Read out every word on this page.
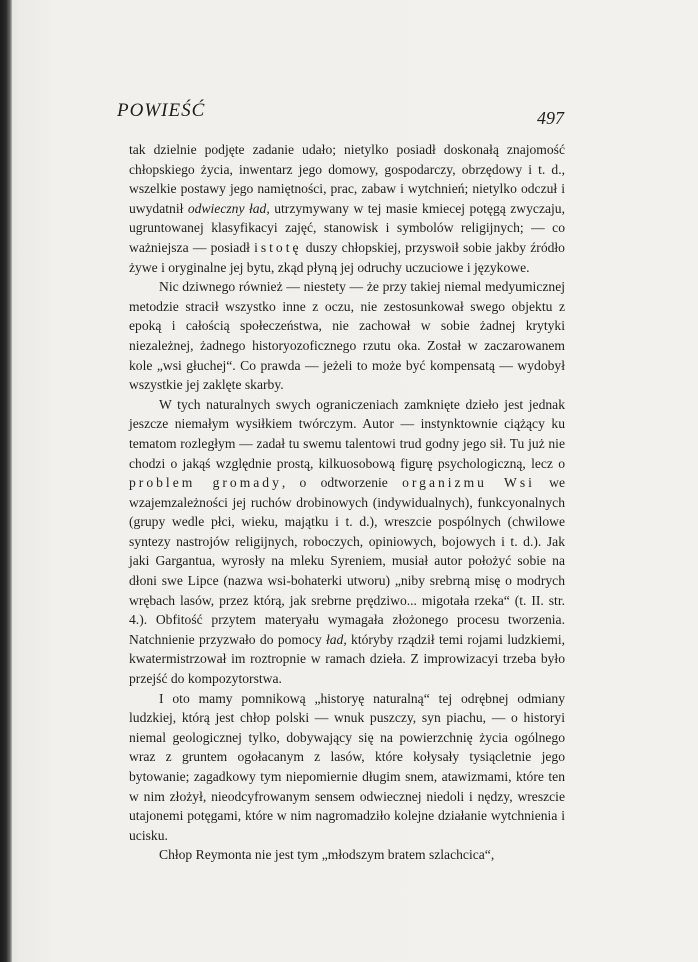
POWIEŚĆ	497

tak dzielnie podjęte zadanie udało; nietylko posiadł doskonałą znajomość chłopskiego życia, inwentarz jego domowy, gospodarczy, obrzędowy i t. d., wszelkie postawy jego namiętności, prac, zabaw i wytchnień; nietylko odczuł i uwydatnił odwieczny ład, utrzymywany w tej masie kmiecej potęgą zwyczaju, ugruntowanej klasyfikacyi zajęć, stanowisk i symbolów religijnych; — co ważniejsza — posiadł istotę duszy chłopskiej, przyswoił sobie jakby źródło żywe i oryginalne jej bytu, zkąd płyną jej odruchy uczuciowe i językowe.

Nic dziwnego również — niestety — że przy takiej niemal medyumicznej metodzie stracił wszystko inne z oczu, nie zestosunkował swego objektu z epoką i całością społeczeństwa, nie zachował w sobie żadnej krytyki niezależnej, żadnego historyozoficznego rzutu oka. Został w zaczarowanem kole „wsi głuchej“. Co prawda — jeżeli to może być kompensatą — wydobył wszystkie jej zaklęte skarby.

W tych naturalnych swych ograniczeniach zamknięte dzieło jest jednak jeszcze niemałym wysiłkiem twórczym. Autor — instynktownie ciążący ku tematom rozległym — zadał tu swemu talentowi trud godny jego sił. Tu już nie chodzi o jakąś względnie prostą, kilkuosobową figurę psychologiczną, lecz o problem gromady, o odtworzenie organizmu Wsi we wzajemzależności jej ruchów drobinowych (indywidualnych), funkcyonalnych (grupy wedle płci, wieku, majątku i t. d.), wreszcie pospólnych (chwilowe syntezy nastrojów religijnych, roboczych, opiniowych, bojowych i t. d.). Jak jaki Gargantua, wyrosły na mleku Syreniem, musiał autor położyć sobie na dłoni swe Lipce (nazwa wsi-bohaterki utworu) „niby srebrną misę o modrych wrębach lasów, przez którą, jak srebrne prędziwo... migotała rzeka“ (t. II. str. 4.). Obfitość przytem materyału wymagała złożonego procesu tworzenia. Natchnienie przyzwało do pomocy ład, któryby rządził temi rojami ludzkiemi, kwatermistrzował im roztropnie w ramach dzieła. Z improwizacyi trzeba było przejść do kompozytorstwa.

I oto mamy pomnikową „historyę naturalną“ tej odrębnej odmiany ludzkiej, którą jest chłop polski — wnuk puszczy, syn piachu, — o historyi niemal geologicznej tylko, dobywający się na powierzchnię życia ogólnego wraz z gruntem ogołacanym z lasów, które kołysały tysiącletnie jego bytowanie; zagadkowy tym niepomiernie długim snem, atawizmami, które ten w nim złożył, nieodcyfrowanym sensem odwiecznej niedoli i nędzy, wreszcie utajonemi potęgami, które w nim nagromadziło kolejne działanie wytchnienia i ucisku.

Chłop Reymonta nie jest tym „młodszym bratem szlachcica“,
